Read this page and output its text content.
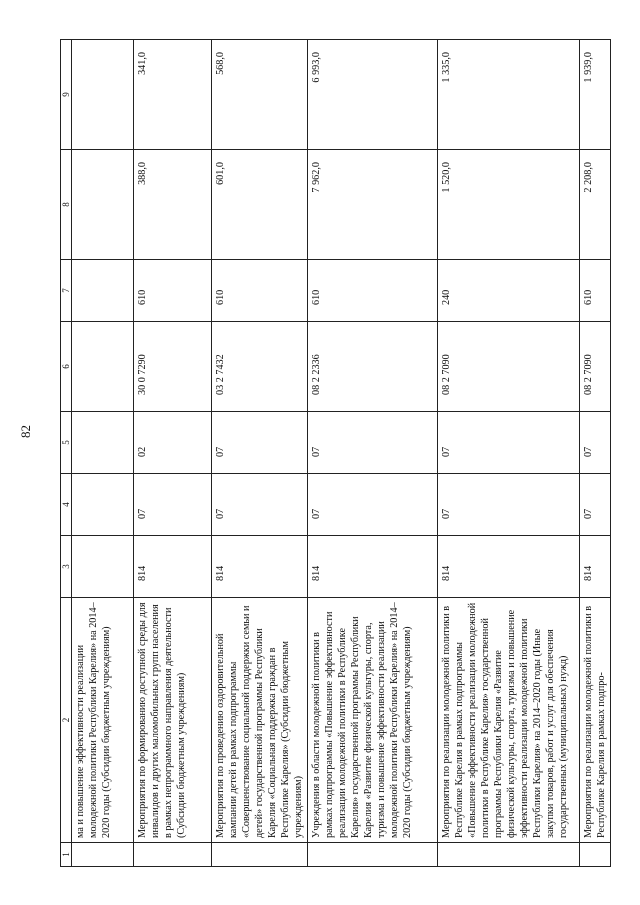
82
1	2	3	4	5	6	7	8	9
	ма и повышение эффективности реализации молодежной политики Республики Карелия» на 2014–2020 годы (Субсидии бюджетным учреждениям)							
	Мероприятия по формированию доступной среды для инвалидов и других маломобильных групп населения в рамках непрограммного направления деятельности (Субсидии бюджетным учреждениям)	814	07	02	30 0 7290	610	388,0	341,0
	Мероприятия по проведению оздоровительной кампании детей в рамках подпрограммы «Совершенствование социальной поддержки семьи и детей» государственной программы Республики Карелия «Социальная поддержка граждан в Республике Карелия» (Субсидии бюджетным учреждениям)	814	07	07	03 2 7432	610	601,0	568,0
	Учреждения в области молодежной политики в рамках подпрограммы «Повышение эффективности реализации молодежной политики в Республике Карелия» государственной программы Республики Карелия «Развитие физической культуры, спорта, туризма и повышение эффективности реализации молодежной политики Республики Карелия» на 2014–2020 годы (Субсидии бюджетным учреждениям)	814	07	07	08 2 2336	610	7 962,0	6 993,0
	Мероприятия по реализации молодежной политики в Республике Карелия в рамках подпрограммы «Повышение эффективности реализации молодежной политики в Республике Карелия» государственной программы Республики Карелия «Развитие физической культуры, спорта, туризма и повышение эффективности реализации молодежной политики Республики Карелия» на 2014–2020 годы (Иные закупки товаров, работ и услуг для обеспечения государственных (муниципальных) нужд)	814	07	07	08 2 7090	240	1 520,0	1 335,0
	Мероприятия по реализации молодежной политики в Республике Карелия в рамках подпро-	814	07	07	08 2 7090	610	2 208,0	1 939,0
